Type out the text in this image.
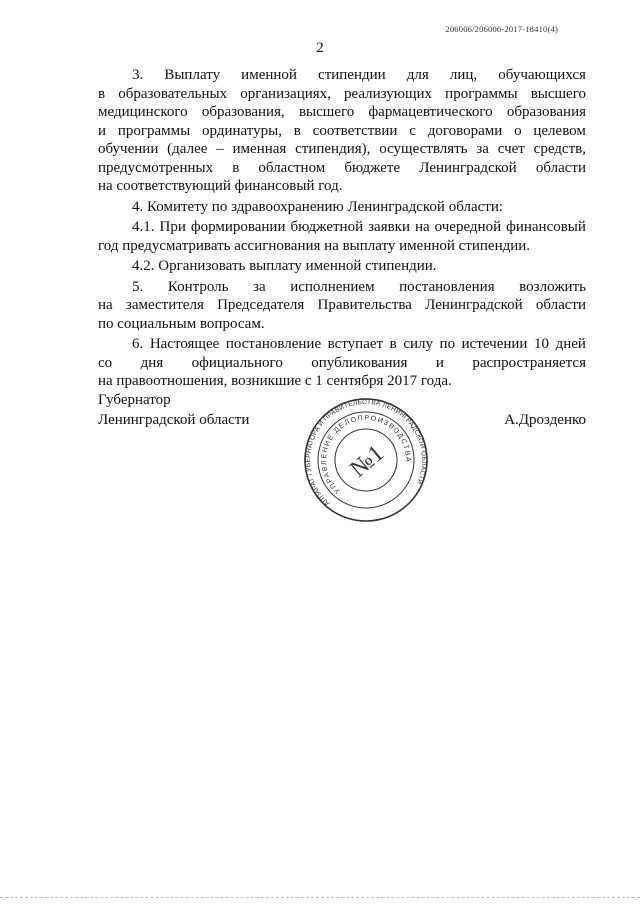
206006/206006-2017-18410(4)
2
3. Выплату именной стипендии для лиц, обучающихся
в образовательных организациях, реализующих программы высшего
медицинского образования, высшего фармацевтического образования
и программы ординатуры, в соответствии с договорами о целевом
обучении (далее – именная стипендия), осуществлять за счет средств,
предусмотренных в областном бюджете Ленинградской области
на соответствующий финансовый год.
4. Комитету по здравоохранению Ленинградской области:
4.1. При формировании бюджетной заявки на очередной финансовый
год предусматривать ассигнования на выплату именной стипендии.
4.2. Организовать выплату именной стипендии.
5. Контроль за исполнением постановления возложить
на заместителя Председателя Правительства Ленинградской области
по социальным вопросам.
6. Настоящее постановление вступает в силу по истечении 10 дней
со дня официального опубликования и распространяется
на правоотношения, возникшие с 1 сентября 2017 года.
Губернатор
Ленинградской области	А.Дрозденко
АППАРАТ ГУБЕРНАТОРА И ПРАВИТЕЛЬСТВА ЛЕНИНГРАДСКОЙ ОБЛАСТИ
УПРАВЛЕНИЕ ДЕЛОПРОИЗВОДСТВА
№1
